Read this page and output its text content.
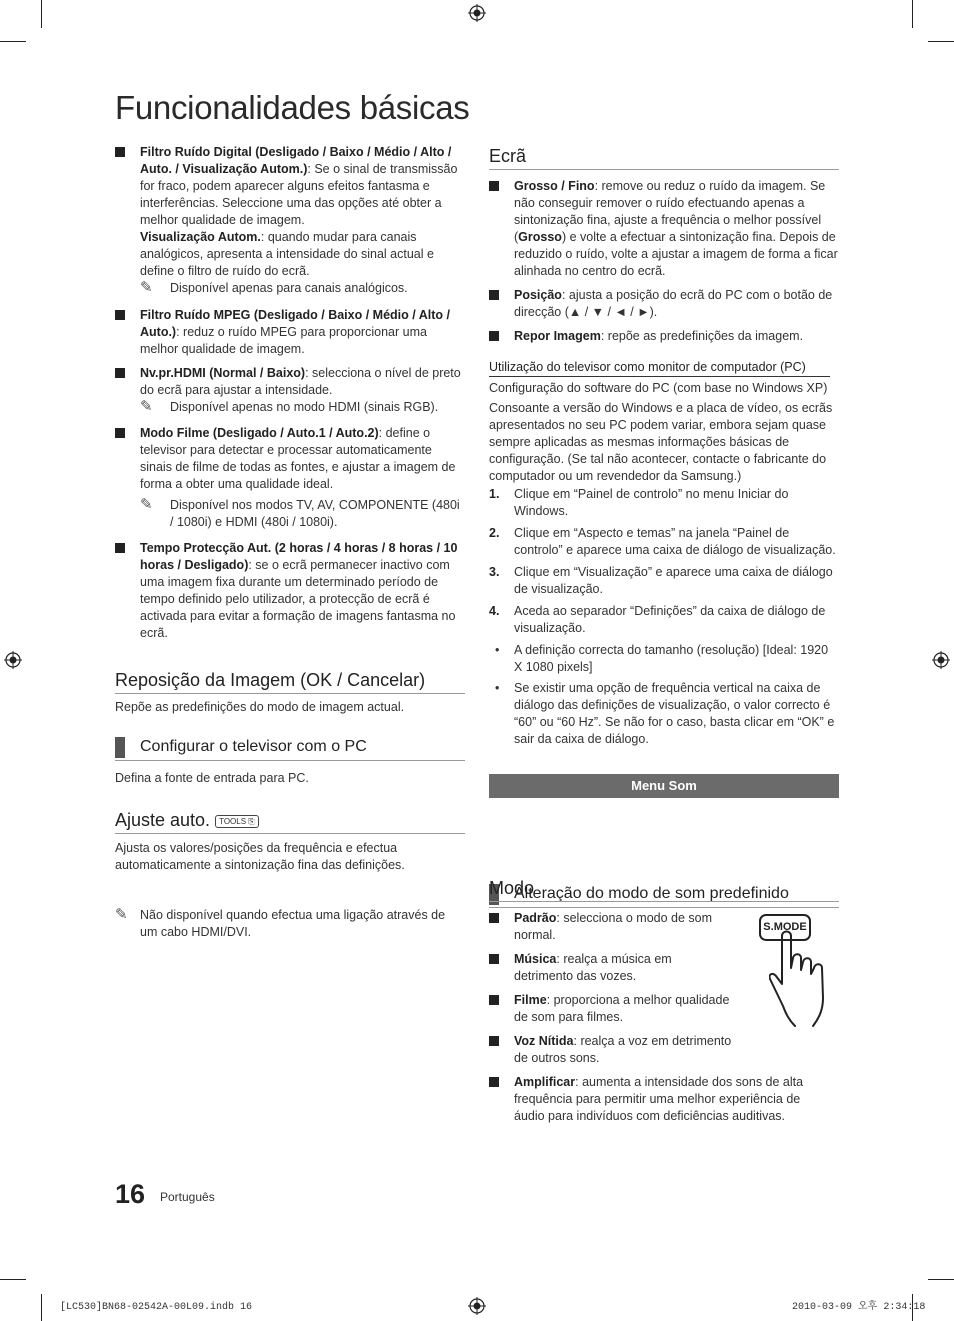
Funcionalidades básicas

Filtro Ruído Digital (Desligado / Baixo / Médio / Alto / Auto. / Visualização Autom.): Se o sinal de transmissão for fraco, podem aparecer alguns efeitos fantasma e interferências. Seleccione uma das opções até obter a melhor qualidade de imagem.

Visualização Autom.: quando mudar para canais analógicos, apresenta a intensidade do sinal actual e define o filtro de ruído do ecrã.

✎ Disponível apenas para canais analógicos.

Filtro Ruído MPEG (Desligado / Baixo / Médio / Alto / Auto.): reduz o ruído MPEG para proporcionar uma melhor qualidade de imagem.

Nv.pr.HDMI (Normal / Baixo): selecciona o nível de preto do ecrã para ajustar a intensidade.

✎ Disponível apenas no modo HDMI (sinais RGB).

Modo Filme (Desligado / Auto.1 / Auto.2): define o televisor para detectar e processar automaticamente sinais de filme de todas as fontes, e ajustar a imagem de forma a obter uma qualidade ideal.

✎ Disponível nos modos TV, AV, COMPONENTE (480i / 1080i) e HDMI (480i / 1080i).

Tempo Protecção Aut. (2 horas / 4 horas / 8 horas / 10 horas / Desligado): se o ecrã permanecer inactivo com uma imagem fixa durante um determinado período de tempo definido pelo utilizador, a protecção de ecrã é activada para evitar a formação de imagens fantasma no ecrã.

Reposição da Imagem (OK / Cancelar)

Repõe as predefinições do modo de imagem actual.

Configurar o televisor com o PC

Defina a fonte de entrada para PC.

Ajuste auto. TOOLS ⎘

Ajusta os valores/posições da frequência e efectua automaticamente a sintonização fina das definições.

✎ Não disponível quando efectua uma ligação através de um cabo HDMI/DVI.

Ecrã

Grosso / Fino: remove ou reduz o ruído da imagem. Se não conseguir remover o ruído efectuando apenas a sintonização fina, ajuste a frequência o melhor possível (Grosso) e volte a efectuar a sintonização fina. Depois de reduzido o ruído, volte a ajustar a imagem de forma a ficar alinhada no centro do ecrã.

Posição: ajusta a posição do ecrã do PC com o botão de direcção (▲ / ▼ / ◄ / ►).

Repor Imagem: repõe as predefinições da imagem.

Utilização do televisor como monitor de computador (PC)

Configuração do software do PC (com base no Windows XP)

Consoante a versão do Windows e a placa de vídeo, os ecrãs apresentados no seu PC podem variar, embora sejam quase sempre aplicadas as mesmas informações básicas de configuração. (Se tal não acontecer, contacte o fabricante do computador ou um revendedor da Samsung.)

1. Clique em “Painel de controlo” no menu Iniciar do Windows.
2. Clique em “Aspecto e temas” na janela “Painel de controlo” e aparece uma caixa de diálogo de visualização.
3. Clique em “Visualização” e aparece uma caixa de diálogo de visualização.
4. Aceda ao separador “Definições” da caixa de diálogo de visualização.
• A definição correcta do tamanho (resolução) [Ideal: 1920 X 1080 pixels]
• Se existir uma opção de frequência vertical na caixa de diálogo das definições de visualização, o valor correcto é “60” ou “60 Hz”. Se não for o caso, basta clicar em “OK” e sair da caixa de diálogo.
Menu Som
Alteração do modo de som predefinido
Modo

Padrão: selecciona o modo de som normal.

Música: realça a música em detrimento das vozes.

Filme: proporciona a melhor qualidade de som para filmes.

Voz Nítida: realça a voz em detrimento de outros sons.

Amplificar: aumenta a intensidade dos sons de alta frequência para permitir uma melhor experiência de áudio para indivíduos com deficiências auditivas.

S.MODE
16 Português
[LC530]BN68-02542A-00L09.indb 16	2010-03-09 오후 2:34:18
